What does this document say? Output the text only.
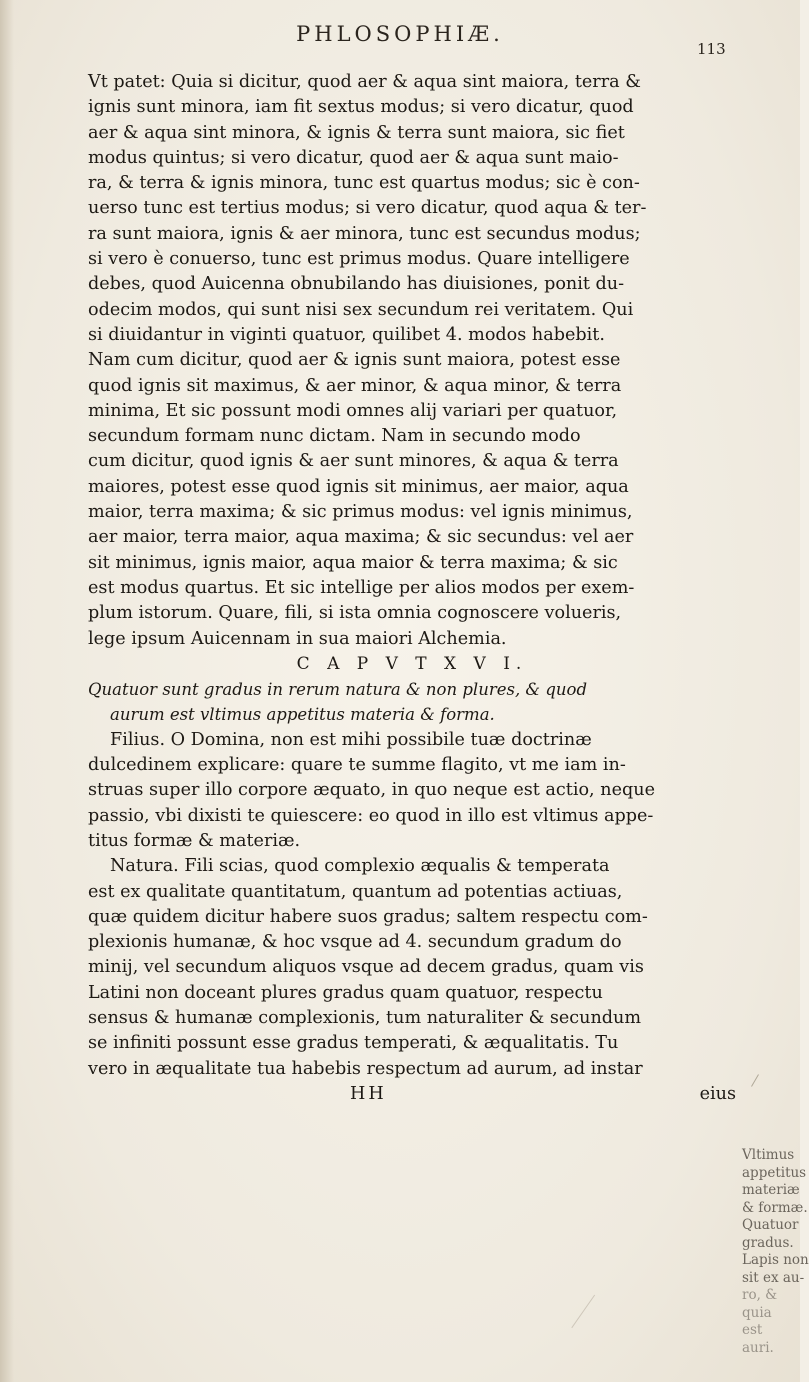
PHLOSOPHIÆ.
113
Vt patet: Quia si dicitur, quod aer & aqua sint maiora, terra &
ignis sunt minora, iam fit sextus modus; si vero dicatur, quod
aer & aqua sint minora, & ignis & terra sunt maiora, sic fiet
modus quintus; si vero dicatur, quod aer & aqua sunt maio-
ra, & terra & ignis minora, tunc est quartus modus; sic è con-
uerso tunc est tertius modus; si vero dicatur, quod aqua & ter-
ra sunt maiora, ignis & aer minora, tunc est secundus modus;
si vero è conuerso, tunc est primus modus. Quare intelligere
debes, quod Auicenna obnubilando has diuisiones, ponit du-
odecim modos, qui sunt nisi sex secundum rei veritatem. Qui
si diuidantur in viginti quatuor, quilibet 4. modos habebit.
Nam cum dicitur, quod aer & ignis sunt maiora, potest esse
quod ignis sit maximus, & aer minor, & aqua minor, & terra
minima, Et sic possunt modi omnes alij variari per quatuor,
secundum formam nunc dictam. Nam in secundo modo
cum dicitur, quod ignis & aer sunt minores, & aqua & terra
maiores, potest esse quod ignis sit minimus, aer maior, aqua
maior, terra maxima; & sic primus modus: vel ignis minimus,
aer maior, terra maior, aqua maxima; & sic secundus: vel aer
sit minimus, ignis maior, aqua maior & terra maxima; & sic
est modus quartus. Et sic intellige per alios modos per exem-
plum istorum. Quare, fili, si ista omnia cognoscere volueris,
lege ipsum Auicennam in sua maiori Alchemia.
C A P V T X V I.
Quatuor sunt gradus in rerum natura & non plures, & quod
aurum est vltimus appetitus materia & forma.
Filius. O Domina, non est mihi possibile tuæ doctrinæ
dulcedinem explicare: quare te summe flagito, vt me iam in-
struas super illo corpore æquato, in quo neque est actio, neque
passio, vbi dixisti te quiescere: eo quod in illo est vltimus appe-
titus formæ & materiæ.
Natura. Fili scias, quod complexio æqualis & temperata
est ex qualitate quantitatum, quantum ad potentias actiuas,
quæ quidem dicitur habere suos gradus; saltem respectu com-
plexionis humanæ, & hoc vsque ad 4. secundum gradum do
minij, vel secundum aliquos vsque ad decem gradus, quam vis
Latini non doceant plures gradus quam quatuor, respectu
sensus & humanæ complexionis, tum naturaliter & secundum
se infiniti possunt esse gradus temperati, & æqualitatis. Tu
vero in æqualitate tua habebis respectum ad aurum, ad instar
HH	eius
Vltimus
appetitus
materiæ
& formæ.
Quatuor
gradus.
Lapis non
sit ex au-
ro, &
quia
est
auri.
